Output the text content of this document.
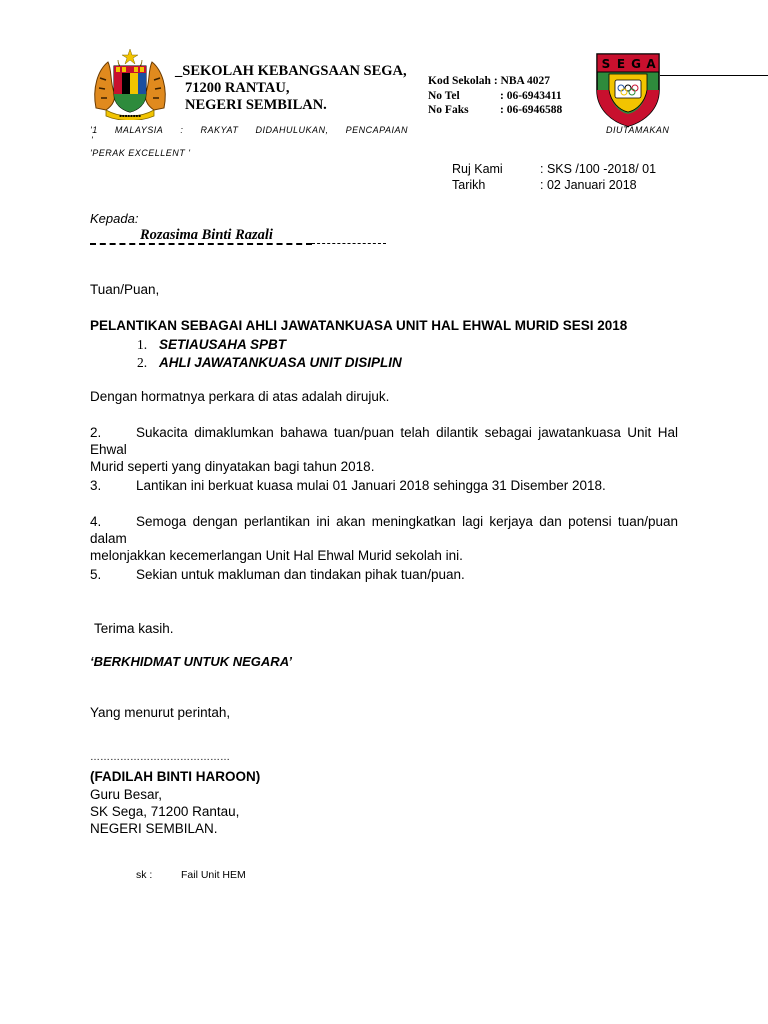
▪▪▪▪▪▪▪▪
_SEKOLAH KEBANGSAAN SEGA,
71200 RANTAU,
NEGERI SEMBILAN.
Kod Sekolah : NBA 4027
No Tel	: 06-6943411
No Faks	: 06-6946588
S E G A
'1 MALAYSIA : RAKYAT DIDAHULUKAN, PENCAPAIAN	DIUTAMAKAN
'
'PERAK EXCELLENT '
Ruj Kami	: SKS /100 -2018/ 01
Tarikh	: 02 Januari 2018
Kepada:
Rozasima Binti Razali
Tuan/Puan,
PELANTIKAN SEBAGAI AHLI JAWATANKUASA UNIT HAL EHWAL MURID SESI 2018
1. SETIAUSAHA SPBT
2. AHLI JAWATANKUASA UNIT DISIPLIN
Dengan hormatnya perkara di atas adalah dirujuk.
2.	Sukacita dimaklumkan bahawa tuan/puan telah dilantik sebagai jawatankuasa Unit Hal Ehwal
Murid seperti yang dinyatakan bagi tahun 2018.
3.	Lantikan ini berkuat kuasa mulai 01 Januari 2018 sehingga 31 Disember 2018.
4.	Semoga dengan perlantikan ini akan meningkatkan lagi kerjaya dan potensi tuan/puan dalam
melonjakkan kecemerlangan Unit Hal Ehwal Murid sekolah ini.
5.	Sekian untuk makluman dan tindakan pihak tuan/puan.
Terima kasih.
‘BERKHIDMAT UNTUK NEGARA’
Yang menurut perintah,
……………………………………
(FADILAH BINTI HAROON)
Guru Besar,
SK Sega, 71200 Rantau,
NEGERI SEMBILAN.
sk :	Fail Unit HEM
